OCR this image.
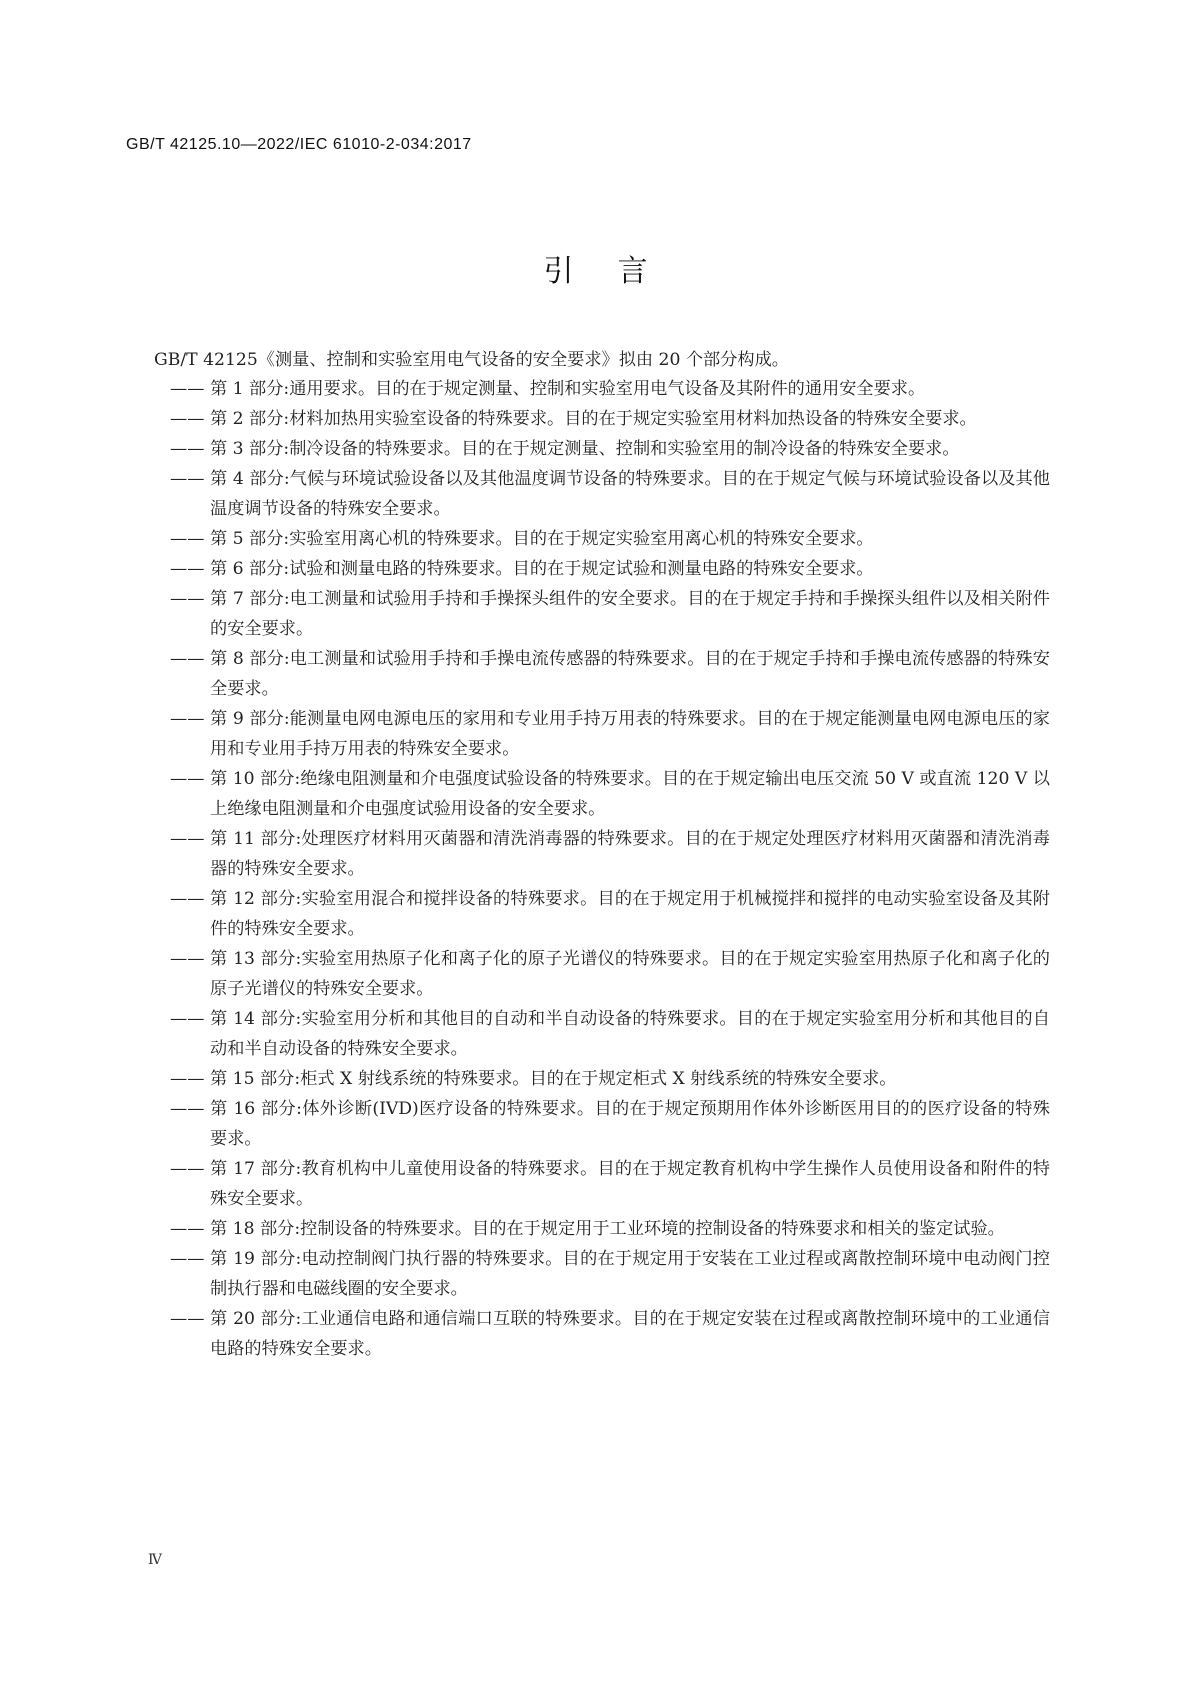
GB/T 42125.10—2022/IEC 61010-2-034:2017
引言
GB/T 42125《测量、控制和实验室用电气设备的安全要求》拟由 20 个部分构成。
—— 第 1 部分:通用要求。目的在于规定测量、控制和实验室用电气设备及其附件的通用安全要求。
—— 第 2 部分:材料加热用实验室设备的特殊要求。目的在于规定实验室用材料加热设备的特殊安全要求。
—— 第 3 部分:制冷设备的特殊要求。目的在于规定测量、控制和实验室用的制冷设备的特殊安全要求。
—— 第 4 部分:气候与环境试验设备以及其他温度调节设备的特殊要求。目的在于规定气候与环境试验设备以及其他温度调节设备的特殊安全要求。
—— 第 5 部分:实验室用离心机的特殊要求。目的在于规定实验室用离心机的特殊安全要求。
—— 第 6 部分:试验和测量电路的特殊要求。目的在于规定试验和测量电路的特殊安全要求。
—— 第 7 部分:电工测量和试验用手持和手操探头组件的安全要求。目的在于规定手持和手操探头组件以及相关附件的安全要求。
—— 第 8 部分:电工测量和试验用手持和手操电流传感器的特殊要求。目的在于规定手持和手操电流传感器的特殊安全要求。
—— 第 9 部分:能测量电网电源电压的家用和专业用手持万用表的特殊要求。目的在于规定能测量电网电源电压的家用和专业用手持万用表的特殊安全要求。
—— 第 10 部分:绝缘电阻测量和介电强度试验设备的特殊要求。目的在于规定输出电压交流 50 V 或直流 120 V 以上绝缘电阻测量和介电强度试验用设备的安全要求。
—— 第 11 部分:处理医疗材料用灭菌器和清洗消毒器的特殊要求。目的在于规定处理医疗材料用灭菌器和清洗消毒器的特殊安全要求。
—— 第 12 部分:实验室用混合和搅拌设备的特殊要求。目的在于规定用于机械搅拌和搅拌的电动实验室设备及其附件的特殊安全要求。
—— 第 13 部分:实验室用热原子化和离子化的原子光谱仪的特殊要求。目的在于规定实验室用热原子化和离子化的原子光谱仪的特殊安全要求。
—— 第 14 部分:实验室用分析和其他目的自动和半自动设备的特殊要求。目的在于规定实验室用分析和其他目的自动和半自动设备的特殊安全要求。
—— 第 15 部分:柜式 X 射线系统的特殊要求。目的在于规定柜式 X 射线系统的特殊安全要求。
—— 第 16 部分:体外诊断(IVD)医疗设备的特殊要求。目的在于规定预期用作体外诊断医用目的的医疗设备的特殊要求。
—— 第 17 部分:教育机构中儿童使用设备的特殊要求。目的在于规定教育机构中学生操作人员使用设备和附件的特殊安全要求。
—— 第 18 部分:控制设备的特殊要求。目的在于规定用于工业环境的控制设备的特殊要求和相关的鉴定试验。
—— 第 19 部分:电动控制阀门执行器的特殊要求。目的在于规定用于安装在工业过程或离散控制环境中电动阀门控制执行器和电磁线圈的安全要求。
—— 第 20 部分:工业通信电路和通信端口互联的特殊要求。目的在于规定安装在过程或离散控制环境中的工业通信电路的特殊安全要求。
Ⅳ
